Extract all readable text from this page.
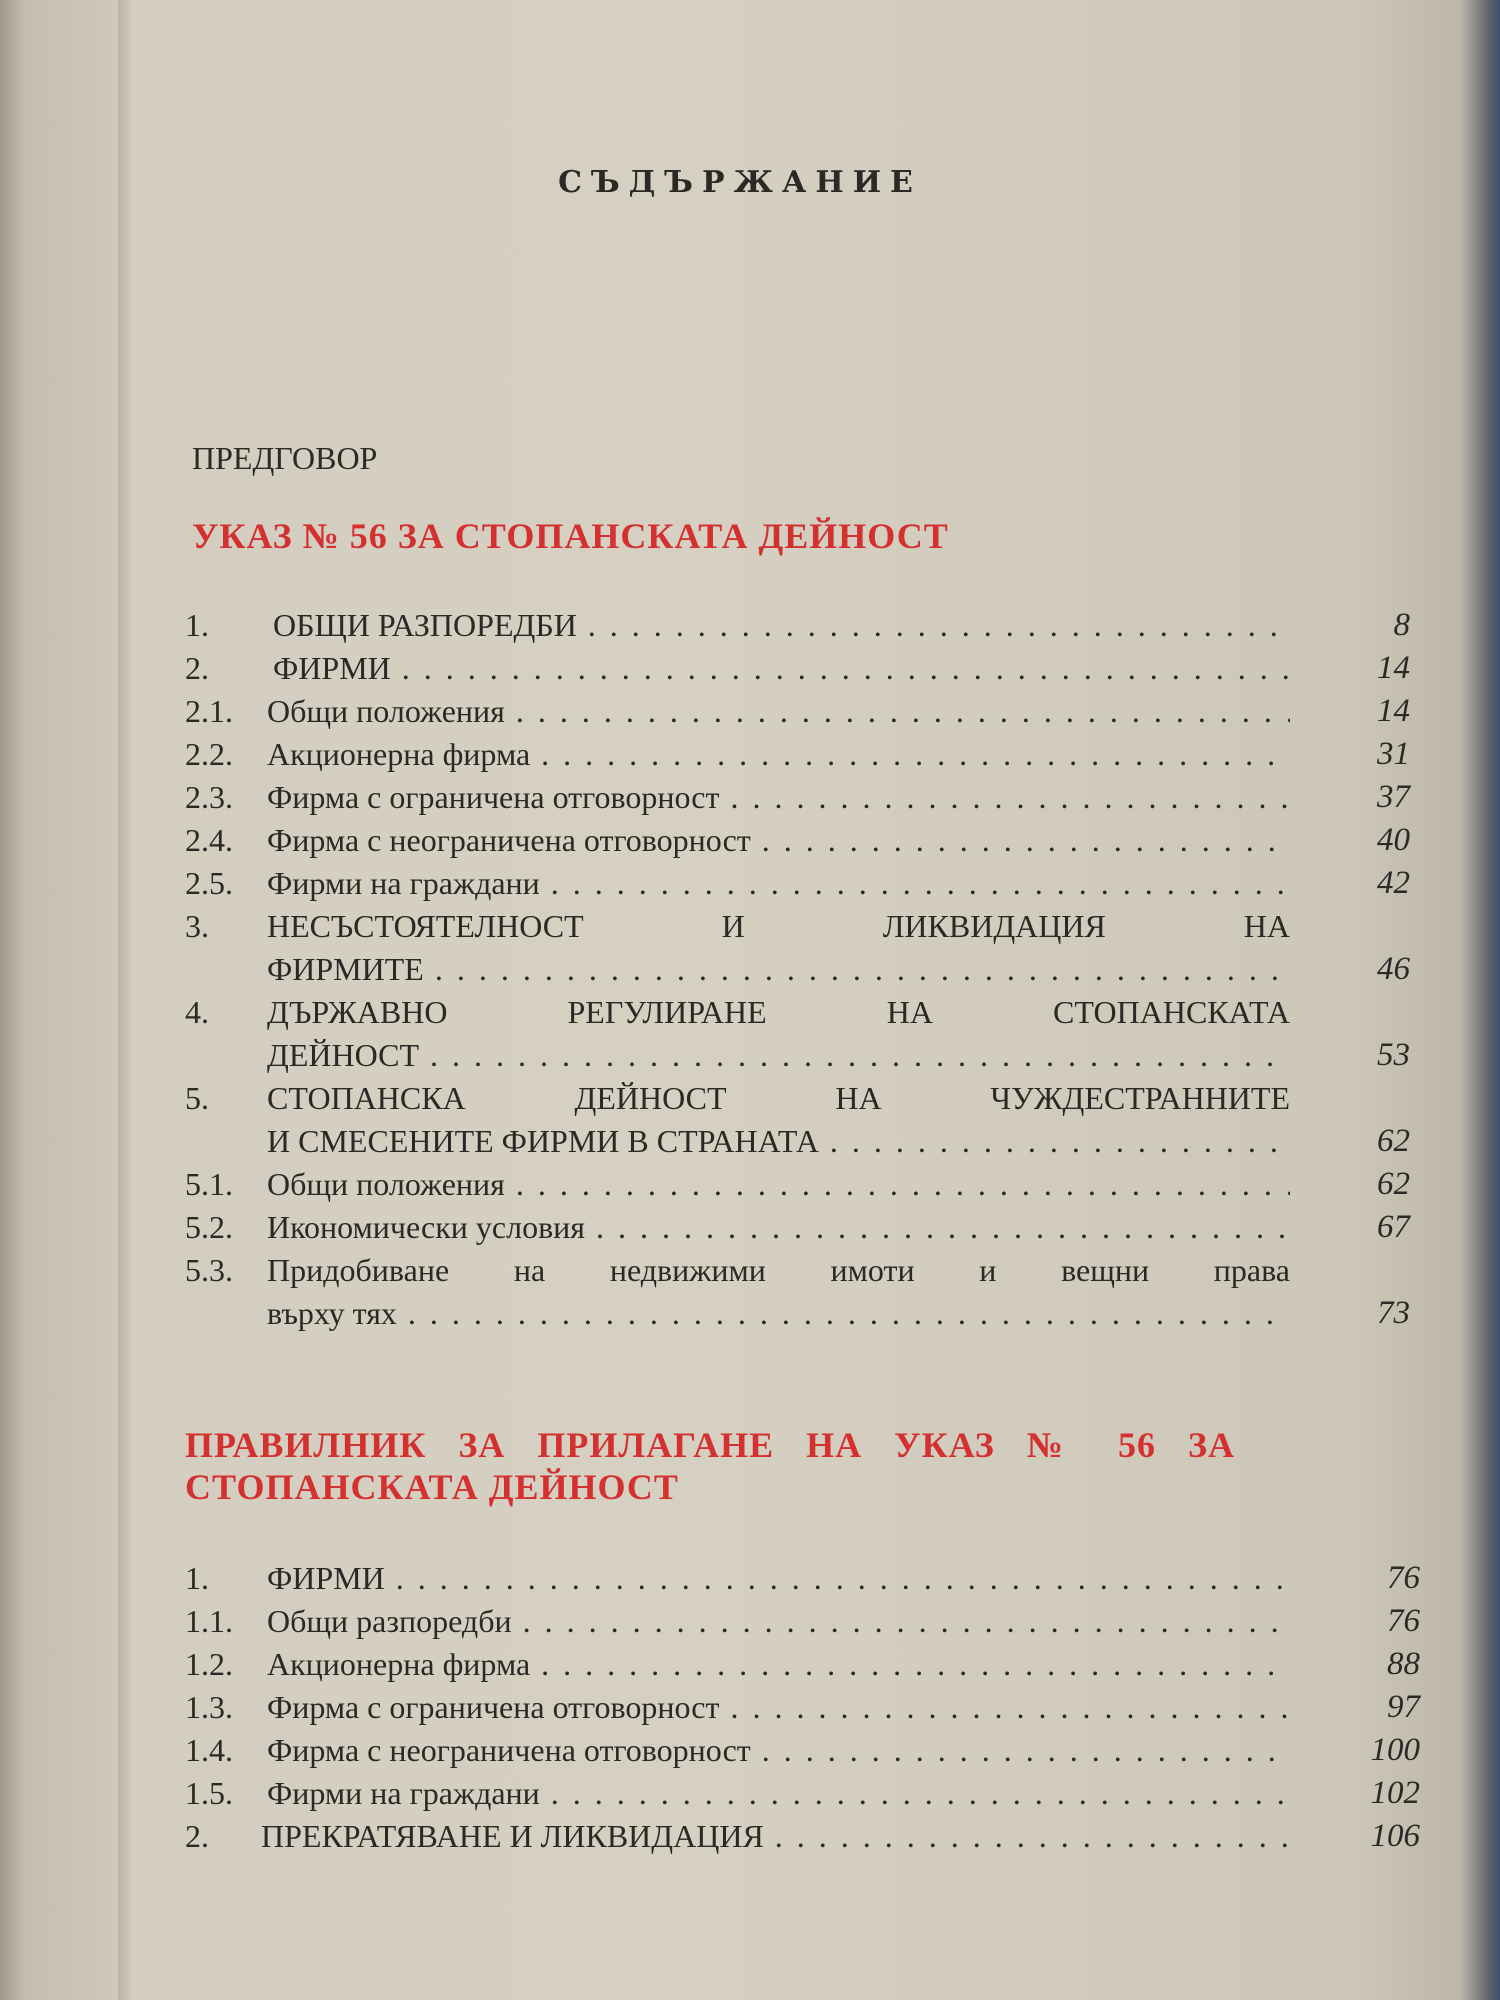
СЪДЪРЖАНИЕ
ПРЕДГОВОР
УКАЗ № 56 ЗА СТОПАНСКАТА ДЕЙНОСТ
1. ОБЩИ РАЗПОРЕДБИ . . .	8
2. ФИРМИ . . .	14
2.1. Общи положения . . .	14
2.2. Акционерна фирма . . .	31
2.3. Фирма с ограничена отговорност . . .	37
2.4. Фирма с неограничена отговорност . . .	40
2.5. Фирми на граждани . . .	42
3. НЕСЪСТОЯТЕЛНОСТ И ЛИКВИДАЦИЯ НА
ФИРМИТЕ . . .	46
4. ДЪРЖАВНО РЕГУЛИРАНЕ НА СТОПАНСКАТА
ДЕЙНОСТ . . .	53
5. СТОПАНСКА ДЕЙНОСТ НА ЧУЖДЕСТРАННИТЕ
И СМЕСЕНИТЕ ФИРМИ В СТРАНАТА . . .	62
5.1. Общи положения . . .	62
5.2. Икономически условия . . .	67
5.3. Придобиване на недвижими имоти и вещни права
върху тях . . .	73
ПРАВИЛНИК ЗА ПРИЛАГАНЕ НА УКАЗ № 56 ЗА
СТОПАНСКАТА ДЕЙНОСТ
1. ФИРМИ . . .	76
1.1. Общи разпоредби . . .	76
1.2. Акционерна фирма . . .	88
1.3. Фирма с ограничена отговорност . . .	97
1.4. Фирма с неограничена отговорност . . .	100
1.5. Фирми на граждани . . .	102
2. ПРЕКРАТЯВАНЕ И ЛИКВИДАЦИЯ . . .	106
